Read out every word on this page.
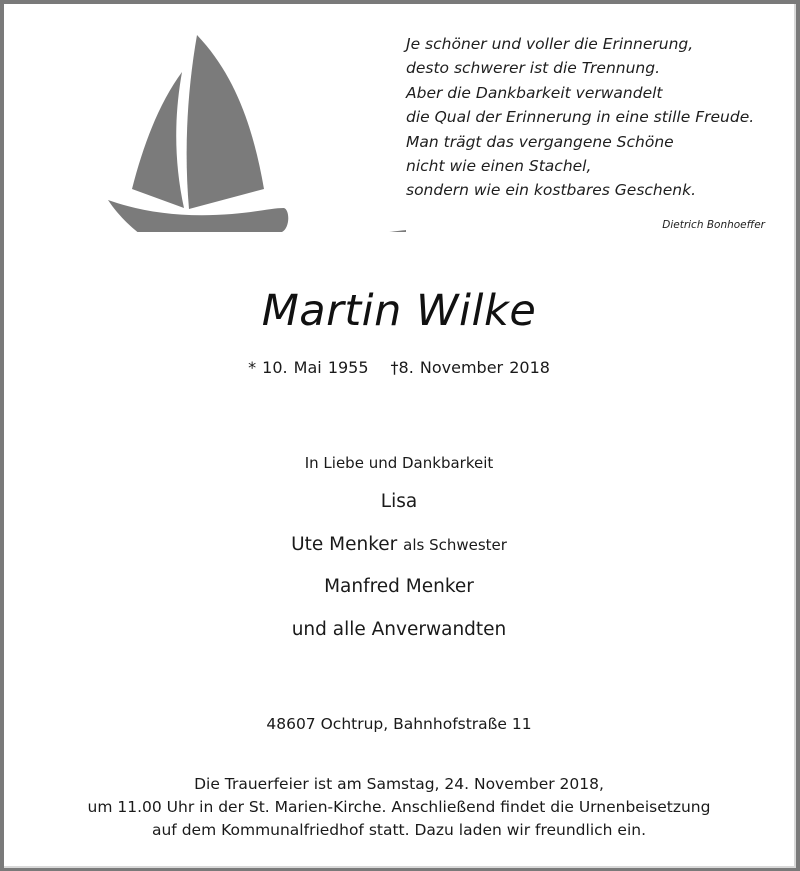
Je schöner und voller die Erinnerung,
desto schwerer ist die Trennung.
Aber die Dankbarkeit verwandelt
die Qual der Erinnerung in eine stille Freude.
Man trägt das vergangene Schöne
nicht wie einen Stachel,
sondern wie ein kostbares Geschenk.
Dietrich Bonhoeffer
Martin Wilke
* 10. Mai 1955 †8. November 2018
In Liebe und Dankbarkeit
Lisa
Ute Menker als Schwester
Manfred Menker
und alle Anverwandten
48607 Ochtrup, Bahnhofstraße 11
Die Trauerfeier ist am Samstag, 24. November 2018,
um 11.00 Uhr in der St. Marien-Kirche. Anschließend findet die Urnenbeisetzung
auf dem Kommunalfriedhof statt. Dazu laden wir freundlich ein.
